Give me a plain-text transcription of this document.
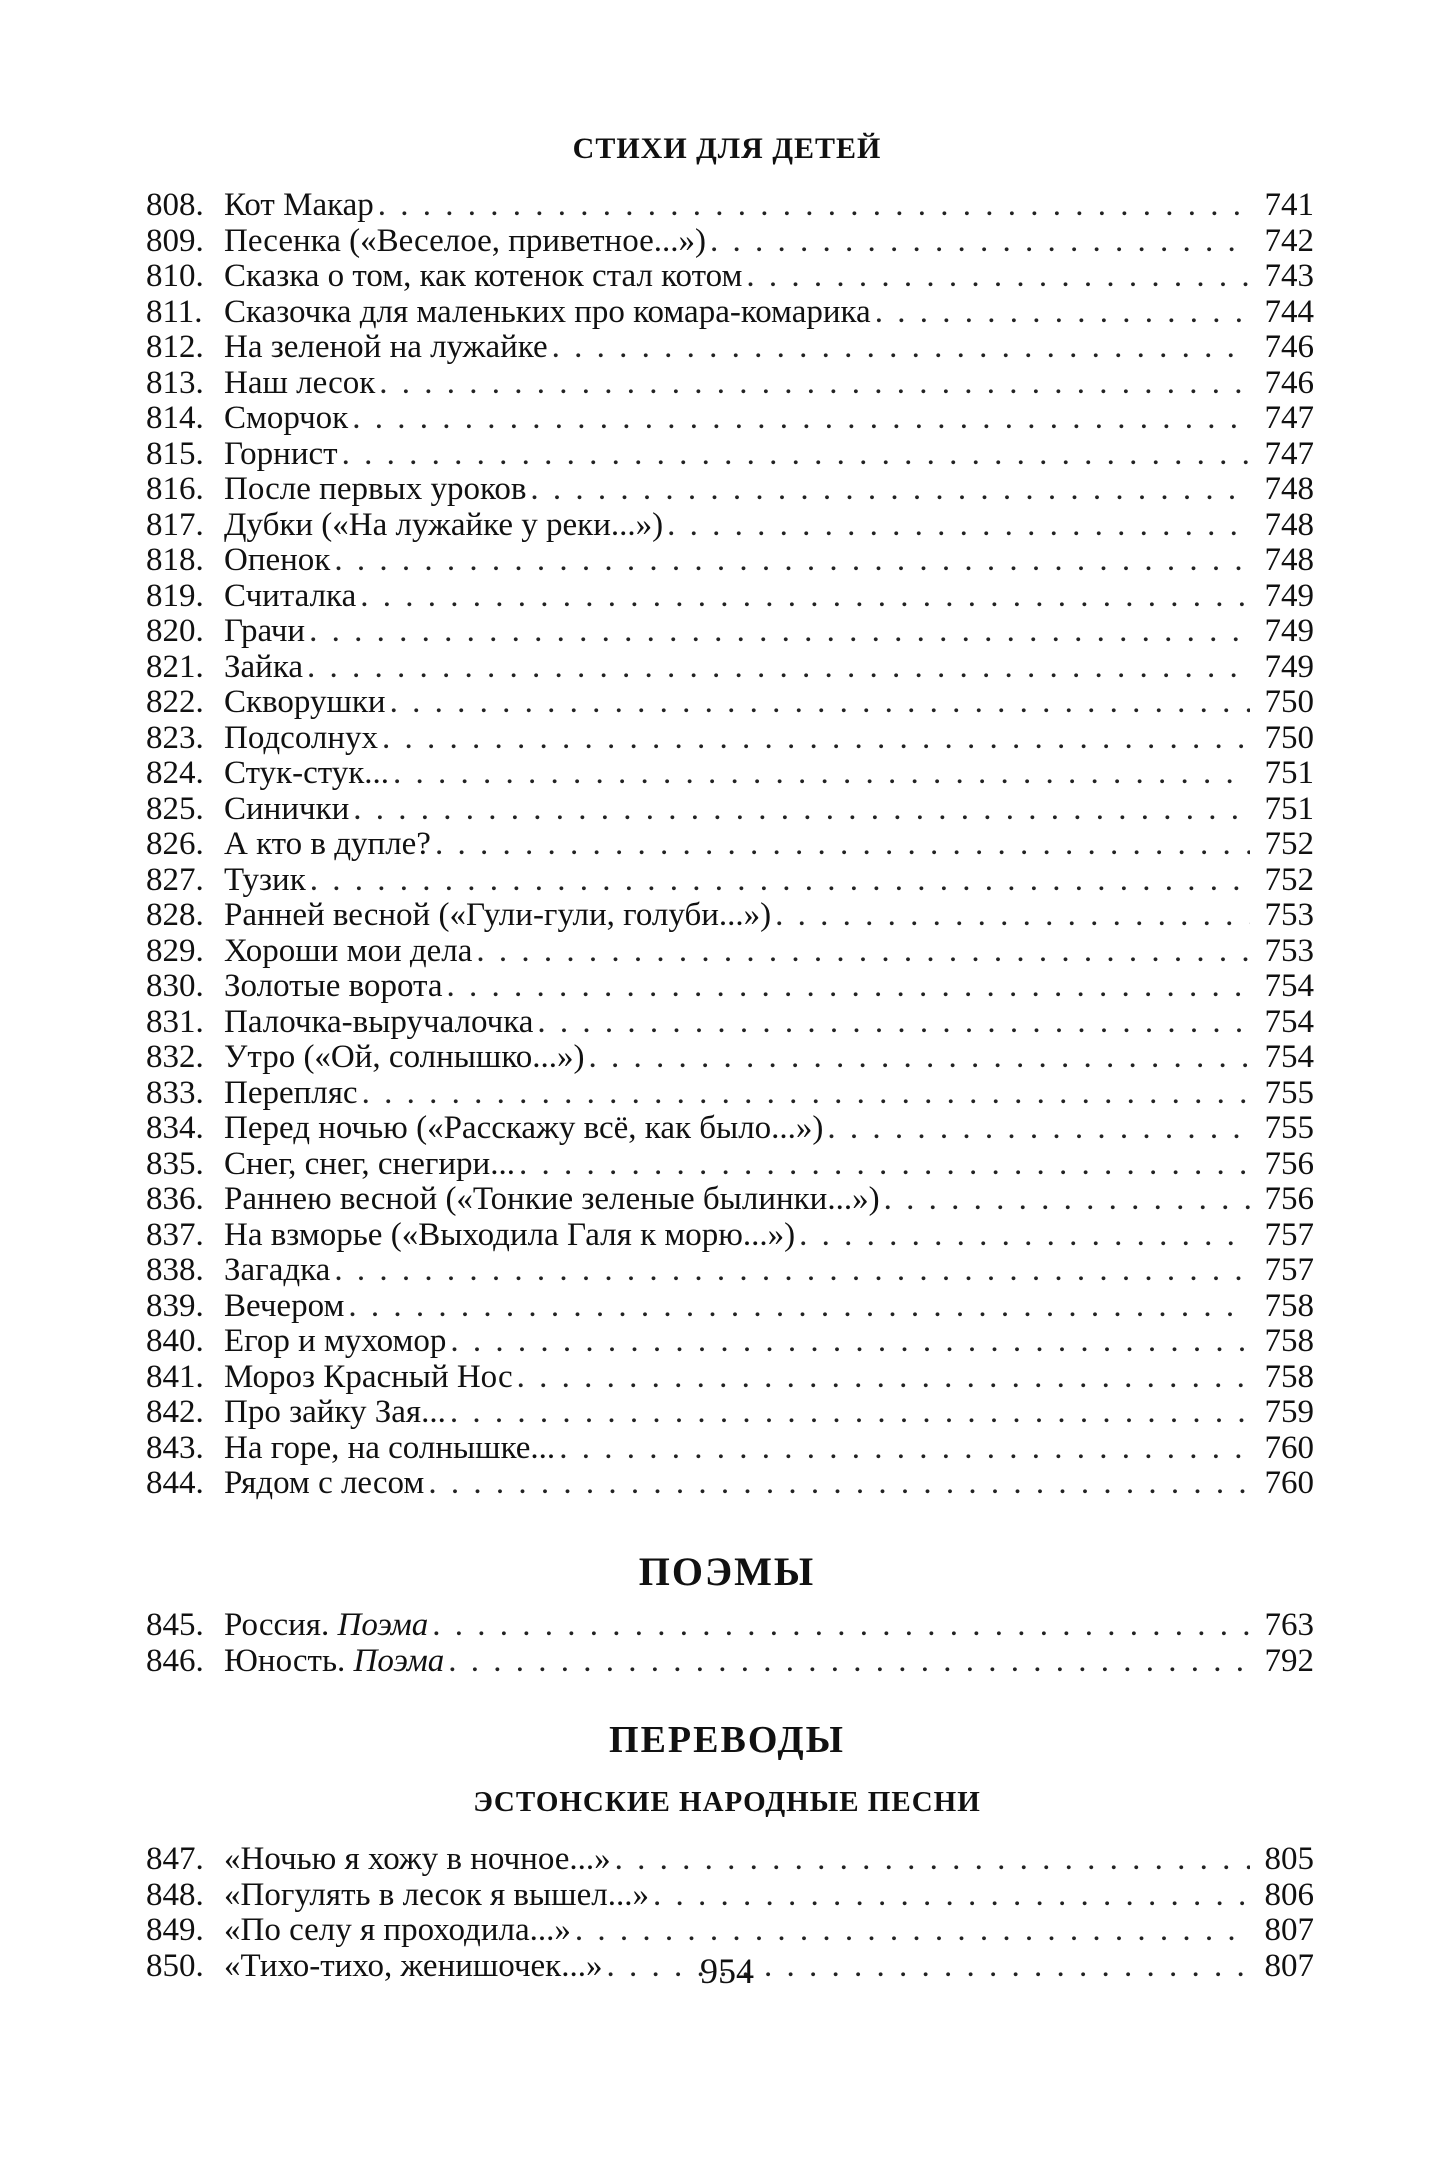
СТИХИ ДЛЯ ДЕТЕЙ
808. Кот Макар . . .	741
809. Песенка («Веселое, приветное...») . . .	742
810. Сказка о том, как котенок стал котом . . .	743
811. Сказочка для маленьких про комара-комарика . . .	744
812. На зеленой на лужайке . . .	746
813. Наш лесок . . .	746
814. Сморчок . . .	747
815. Горнист . . .	747
816. После первых уроков . . .	748
817. Дубки («На лужайке у реки...») . . .	748
818. Опенок . . .	748
819. Считалка . . .	749
820. Грачи . . .	749
821. Зайка . . .	749
822. Скворушки . . .	750
823. Подсолнух . . .	750
824. Стук-стук... . . .	751
825. Синички . . .	751
826. А кто в дупле? . . .	752
827. Тузик . . .	752
828. Ранней весной («Гули-гули, голуби...») . . .	753
829. Хороши мои дела . . .	753
830. Золотые ворота . . .	754
831. Палочка-выручалочка . . .	754
832. Утро («Ой, солнышко...») . . .	754
833. Перепляс . . .	755
834. Перед ночью («Расскажу всё, как было...») . . .	755
835. Снег, снег, снегири... . . .	756
836. Раннею весной («Тонкие зеленые былинки...») . . .	756
837. На взморье («Выходила Галя к морю...») . . .	757
838. Загадка . . .	757
839. Вечером . . .	758
840. Егор и мухомор . . .	758
841. Мороз Красный Нос . . .	758
842. Про зайку Зая... . . .	759
843. На горе, на солнышке... . . .	760
844. Рядом с лесом . . .	760
ПОЭМЫ
845. Россия. Поэма . . .	763
846. Юность. Поэма . . .	792
ПЕРЕВОДЫ
ЭСТОНСКИЕ НАРОДНЫЕ ПЕСНИ
847. «Ночью я хожу в ночное...» . . .	805
848. «Погулять в лесок я вышел...» . . .	806
849. «По селу я проходила...» . . .	807
850. «Тихо-тихо, женишочек...» . . .	807
954
